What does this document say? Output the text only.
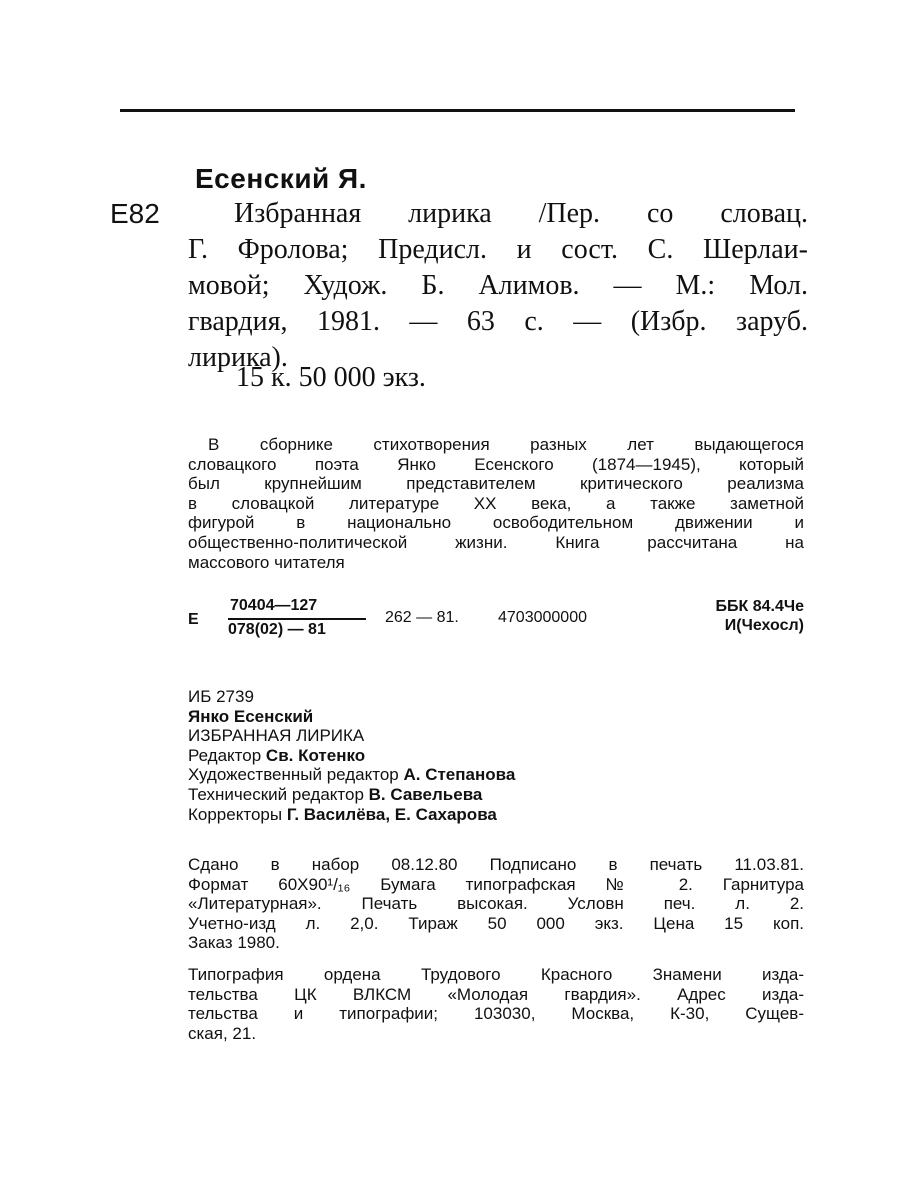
Есенский Я.
Е82	Избранная лирика /Пер. со словац.
Г. Фролова; Предисл. и сост. С. Шерлаи-
мовой; Худож. Б. Алимов. — М.: Мол.
гвардия, 1981. — 63 с. — (Избр. заруб.
лирика).
15 к. 50 000 экз.
В сборнике стихотворения разных лет выдающегося
словацкого поэта Янко Есенского (1874—1945), который
был крупнейшим представителем критического реализма
в словацкой литературе XX века, а также заметной
фигурой в национально освободительном движении и
общественно-политической жизни. Книга рассчитана на
массового читателя
Е
70404—127
078(02) — 81
262 — 81. 4703000000
ББК 84.4Че
И(Чехосл)
ИБ 2739
Янко Есенский
ИЗБРАННАЯ ЛИРИКА
Редактор Св. Котенко
Художественный редактор А. Степанова
Технический редактор В. Савельева
Корректоры Г. Василёва, Е. Сахарова
Сдано в набор 08.12.80 Подписано в печать 11.03.81.
Формат 60Х90¹/₁₆ Бумага типографская № 2. Гарнитура
«Литературная». Печать высокая. Условн печ. л. 2.
Учетно-изд л. 2,0. Тираж 50 000 экз. Цена 15 коп.
Заказ 1980.
Типография ордена Трудового Красного Знамени изда-
тельства ЦК ВЛКСМ «Молодая гвардия». Адрес изда-
тельства и типографии; 103030, Москва, К-30, Сущев-
ская, 21.
